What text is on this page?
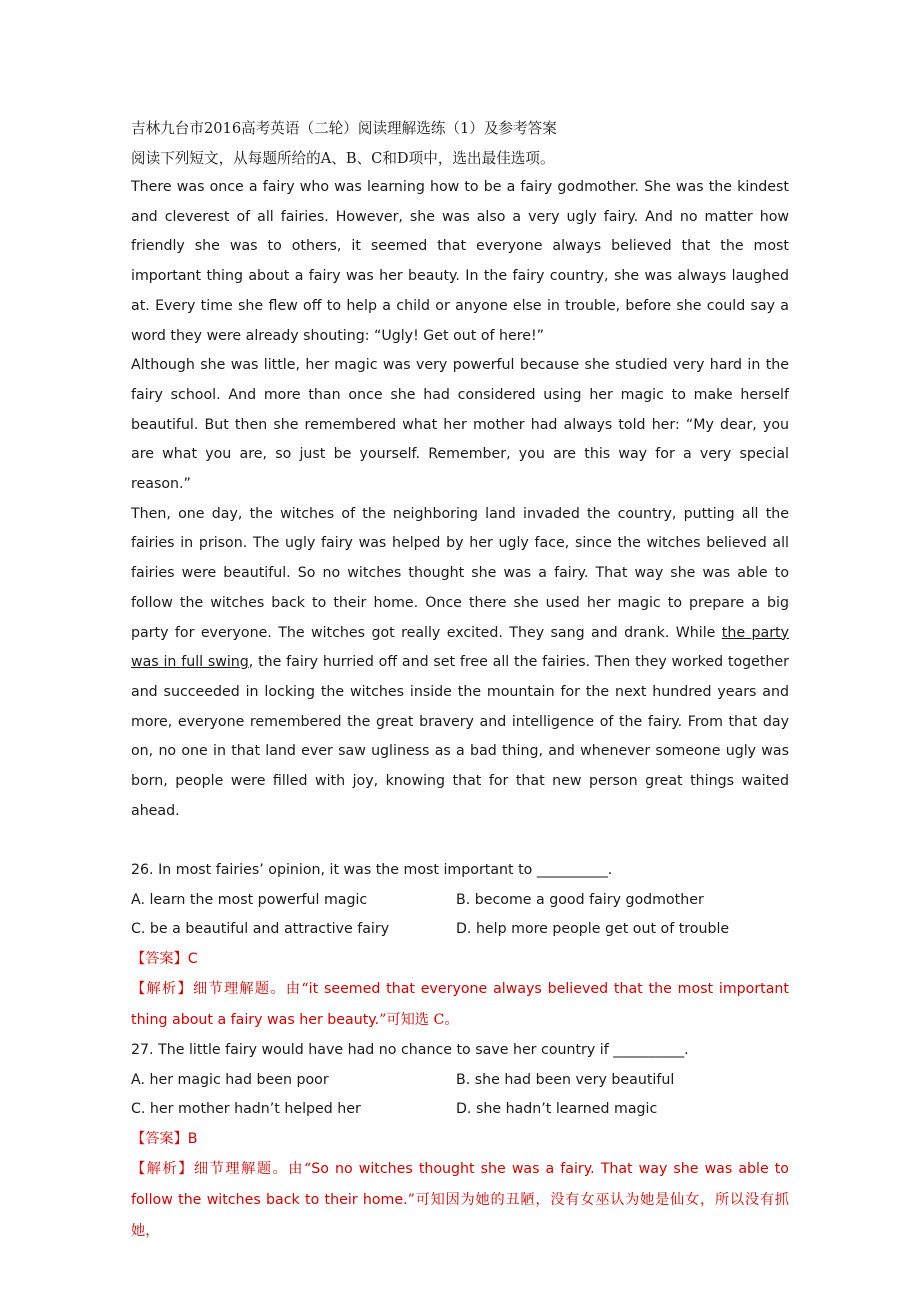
吉林九台市2016高考英语（二轮）阅读理解选练（1）及参考答案

阅读下列短文，从每题所给的A、B、C和D项中，选出最佳选项。

There was once a fairy who was learning how to be a fairy godmother. She was the kindest and cleverest of all fairies. However, she was also a very ugly fairy. And no matter how friendly she was to others, it seemed that everyone always believed that the most important thing about a fairy was her beauty. In the fairy country, she was always laughed at. Every time she flew off to help a child or anyone else in trouble, before she could say a word they were already shouting: “Ugly! Get out of here!”

Although she was little, her magic was very powerful because she studied very hard in the fairy school. And more than once she had considered using her magic to make herself beautiful. But then she remembered what her mother had always told her: “My dear, you are what you are, so just be yourself. Remember, you are this way for a very special reason.”

Then, one day, the witches of the neighboring land invaded the country, putting all the fairies in prison. The ugly fairy was helped by her ugly face, since the witches believed all fairies were beautiful. So no witches thought she was a fairy. That way she was able to follow the witches back to their home. Once there she used her magic to prepare a big party for everyone. The witches got really excited. They sang and drank. While the party was in full swing, the fairy hurried off and set free all the fairies. Then they worked together and succeeded in locking the witches inside the mountain for the next hundred years and more, everyone remembered the great bravery and intelligence of the fairy. From that day on, no one in that land ever saw ugliness as a bad thing, and whenever someone ugly was born, people were filled with joy, knowing that for that new person great things waited ahead.

26. In most fairies’ opinion, it was the most important to __________.

A. learn the most powerful magic	B. become a good fairy godmother
C. be a beautiful and attractive fairy	D. help more people get out of trouble

【答案】C

【解析】细节理解题。由“it seemed that everyone always believed that the most important thing about a fairy was her beauty.”可知选 C。

27. The little fairy would have had no chance to save her country if __________.

A. her magic had been poor	B. she had been very beautiful
C. her mother hadn’t helped her	D. she hadn’t learned magic

【答案】B

【解析】细节理解题。由“So no witches thought she was a fairy. That way she was able to follow the witches back to their home.”可知因为她的丑陋，没有女巫认为她是仙女，所以没有抓她，
